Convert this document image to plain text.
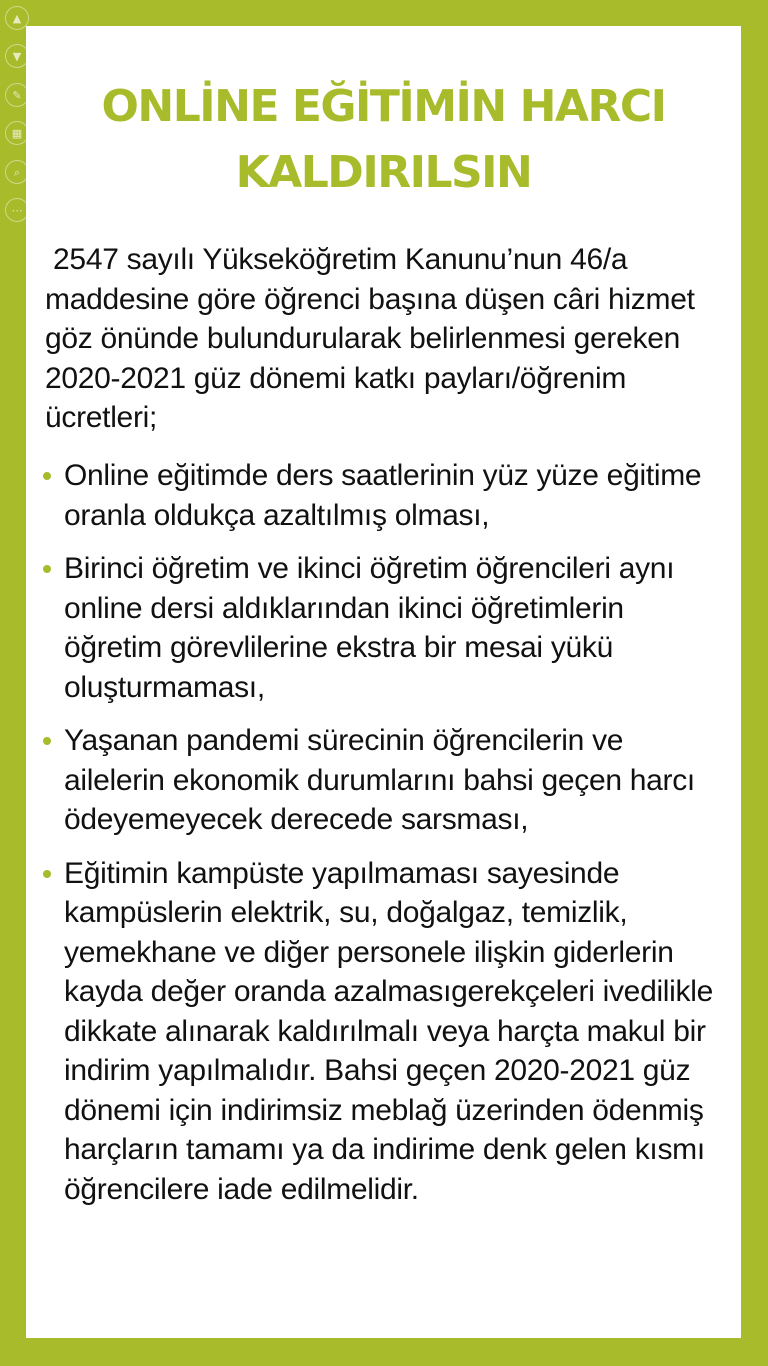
▲
▼
✎
▦
⌕
⋯
ONLİNE EĞİTİMİN HARCI
KALDIRILSIN

2547 sayılı Yükseköğretim Kanunu’nun 46/a maddesine göre öğrenci başına düşen câri hizmet göz önünde bulundurularak belirlenmesi gereken 2020-2021 güz dönemi katkı payları/öğrenim ücretleri;

Online eğitimde ders saatlerinin yüz yüze eğitime oranla oldukça azaltılmış olması,
Birinci öğretim ve ikinci öğretim öğrencileri aynı online dersi aldıklarından ikinci öğretimlerin öğretim görevlilerine ekstra bir mesai yükü oluşturmaması,
Yaşanan pandemi sürecinin öğrencilerin ve ailelerin ekonomik durumlarını bahsi geçen harcı ödeyemeyecek derecede sarsması,
Eğitimin kampüste yapılmaması sayesinde kampüslerin elektrik, su, doğalgaz, temizlik, yemekhane ve diğer personele ilişkin giderlerin kayda değer oranda azalmasıgerekçeleri ivedilikle dikkate alınarak kaldırılmalı veya harçta makul bir indirim yapılmalıdır. Bahsi geçen 2020-2021 güz dönemi için indirimsiz meblağ üzerinden ödenmiş harçların tamamı ya da indirime denk gelen kısmı öğrencilere iade edilmelidir.
